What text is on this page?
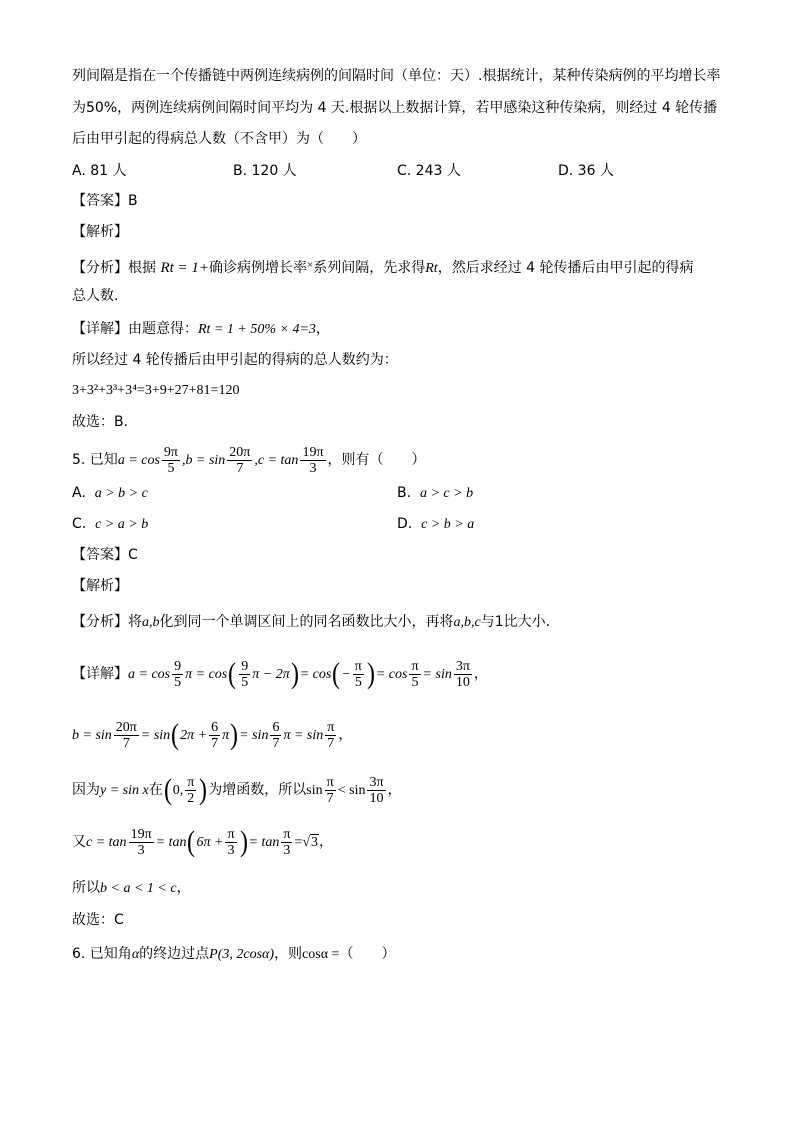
列间隔是指在一个传播链中两例连续病例的间隔时间（单位：天）.根据统计，某种传染病例的平均增长率
为50%，两例连续病例间隔时间平均为 4 天.根据以上数据计算，若甲感染这种传染病，则经过 4 轮传播
后由甲引起的得病总人数（不含甲）为（　　）
A. 81 人	B. 120 人	C. 243 人	D. 36 人
【答案】B
【解析】
【分析】根据 Rt = 1+确诊病例增长率×系列间隔，先求得Rt，然后求经过 4 轮传播后由甲引起的得病
总人数.
【详解】由题意得：Rt = 1 + 50% × 4=3，
所以经过 4 轮传播后由甲引起的得病的总人数约为：
3+3²+3³+3⁴=3+9+27+81=120
故选：B.
5. 已知$a = \cos \frac{9\pi}{5} ,b = \sin \frac{20\pi}{7} ,c = \tan \frac{19\pi}{3}$ ，则有（　　）
A. a > b > c	B. a > c > b
C. c > a > b	D. c > b > a
【答案】C
【解析】
【分析】将a,b化到同一个单调区间上的同名函数比大小，再将a,b,c与1比大小.
【详解】$a = \cos \frac{9}{5}$ $\pi = \cos( \frac{9}{5}$ $\pi - 2\pi)= \cos(- \frac{\pi}{5}$ )= $\cos \frac{\pi}{5} = \sin \frac{3\pi}{10}$ ，
$b = \sin \frac{20\pi}{7} = \sin(2\pi + \frac{6}{7} \pi)= \sin \frac{6}{7}$ $\pi = \sin \frac{\pi}{7}$ ，
因为y = sin x在(0, $\frac{\pi}{2}$ )为增函数，所以$\sin \frac{\pi}{7} < \sin \frac{3\pi}{10}$ ，
又$c = \tan \frac{19\pi}{3} = \tan(6\pi + \frac{\pi}{3}$ )= $\tan \frac{\pi}{3} =√3$，
所以b < a < 1 < c，
故选：C
6. 已知角α的终边过点P(3, 2cosα)，则cosα =（　　）
